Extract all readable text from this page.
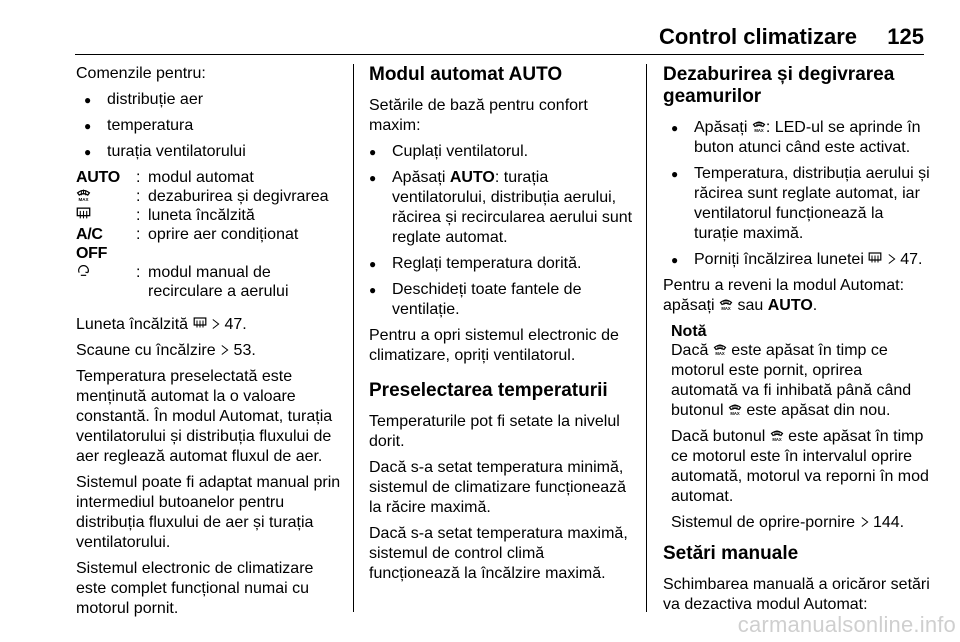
Control climatizare 125

Comenzile pentru:

● distribuție aer
● temperatura
● turația ventilatorului
AUTO	: modul automat
: dezaburirea și degivrarea
: luneta încălzită
A/C OFF
: oprire aer condiționat
: modul manual de recirculare a aerului

Luneta încălzită 47.

Scaune cu încălzire 53.

Temperatura preselectată este menținută automat la o valoare constantă. În modul Automat, turația ventilatorului și distribuția fluxului de aer reglează automat fluxul de aer.

Sistemul poate fi adaptat manual prin intermediul butoanelor pentru distribuția fluxului de aer și turația ventilatorului.

Sistemul electronic de climatizare este complet funcțional numai cu motorul pornit.

Modul automat AUTO

Setările de bază pentru confort maxim:

● Cuplați ventilatorul.
● Apăsați AUTO: turația ventilatorului, distribuția aerului, răcirea și recircularea aerului sunt reglate automat.
● Reglați temperatura dorită.
● Deschideți toate fantele de ventilație.

Pentru a opri sistemul electronic de climatizare, opriți ventilatorul.

Preselectarea temperaturii

Temperaturile pot fi setate la nivelul dorit.

Dacă s-a setat temperatura minimă, sistemul de climatizare funcționează la răcire maximă.

Dacă s-a setat temperatura maximă, sistemul de control climă funcționează la încălzire maximă.

Dezaburirea și degivrarea geamurilor
● Apăsați : LED-ul se aprinde în buton atunci când este activat.
● Temperatura, distribuția aerului și răcirea sunt reglate automat, iar ventilatorul funcționează la turație maximă.
● Porniți încălzirea lunetei 47.

Pentru a reveni la modul Automat: apăsați  sau AUTO.

Notă

Dacă  este apăsat în timp ce motorul este pornit, oprirea automată va fi inhibată până când butonul  este apăsat din nou.

Dacă butonul  este apăsat în timp ce motorul este în intervalul oprire automată, motorul va reporni în mod automat.

Sistemul de oprire-pornire 144.

Setări manuale

Schimbarea manuală a oricăror setări va dezactiva modul Automat:

carmanualsonline.info
